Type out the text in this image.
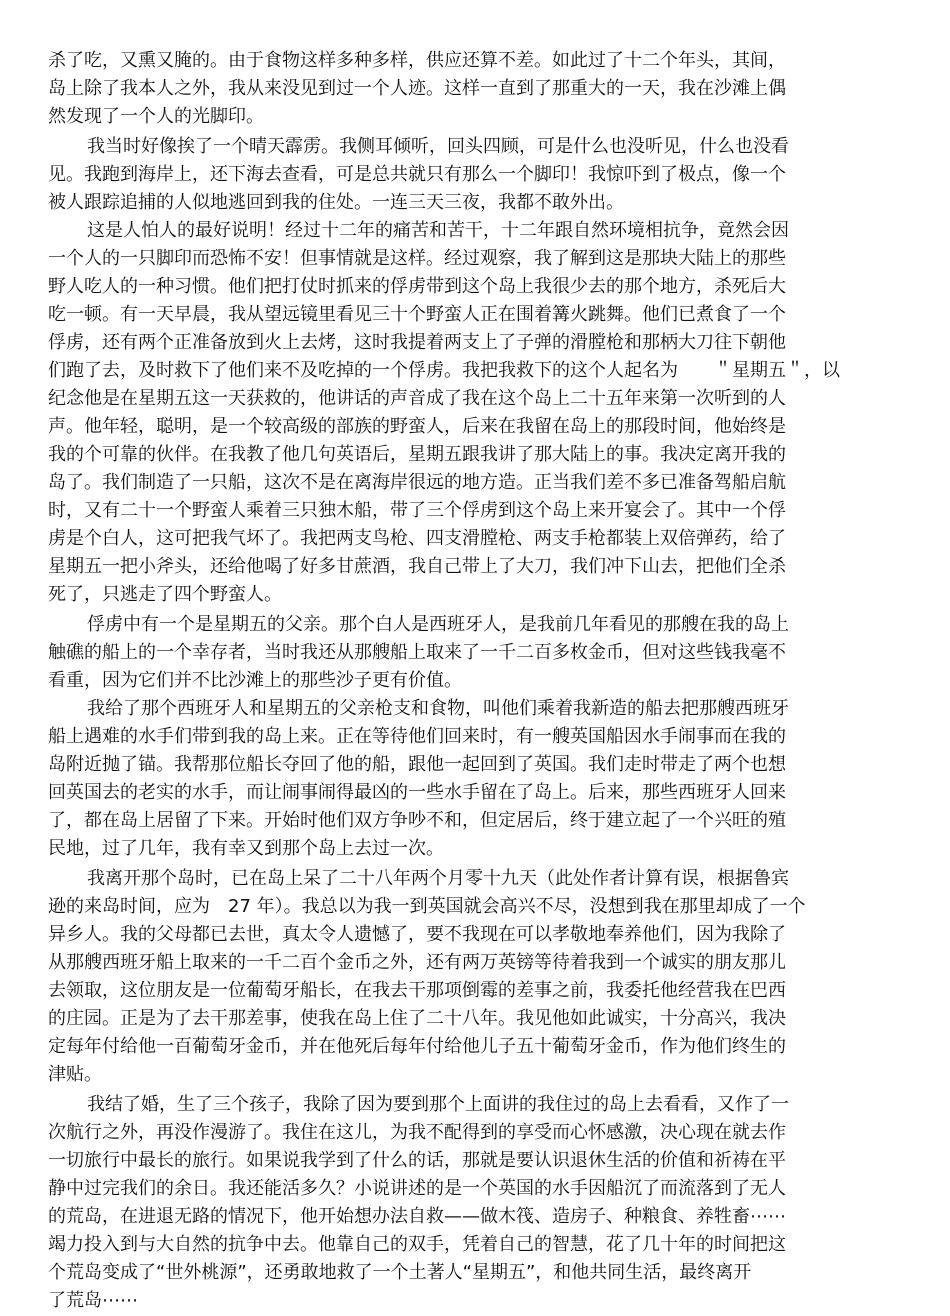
杀了吃，又熏又腌的。由于食物这样多种多样，供应还算不差。如此过了十二个年头，其间，
岛上除了我本人之外，我从来没见到过一个人迹。这样一直到了那重大的一天，我在沙滩上偶
然发现了一个人的光脚印。
我当时好像挨了一个晴天霹雳。我侧耳倾听，回头四顾，可是什么也没听见，什么也没看
见。我跑到海岸上，还下海去查看，可是总共就只有那么一个脚印！我惊吓到了极点，像一个
被人跟踪追捕的人似地逃回到我的住处。一连三天三夜，我都不敢外出。
这是人怕人的最好说明！经过十二年的痛苦和苦干，十二年跟自然环境相抗争，竟然会因
一个人的一只脚印而恐怖不安！但事情就是这样。经过观察，我了解到这是那块大陆上的那些
野人吃人的一种习惯。他们把打仗时抓来的俘虏带到这个岛上我很少去的那个地方，杀死后大
吃一顿。有一天早晨，我从望远镜里看见三十个野蛮人正在围着篝火跳舞。他们已煮食了一个
俘虏，还有两个正准备放到火上去烤，这时我提着两支上了子弹的滑膛枪和那柄大刀往下朝他
们跑了去，及时救下了他们来不及吃掉的一个俘虏。我把我救下的这个人起名为　　＂星期五＂，以
纪念他是在星期五这一天获救的，他讲话的声音成了我在这个岛上二十五年来第一次听到的人
声。他年轻，聪明，是一个较高级的部族的野蛮人，后来在我留在岛上的那段时间，他始终是
我的个可靠的伙伴。在我教了他几句英语后，星期五跟我讲了那大陆上的事。我决定离开我的
岛了。我们制造了一只船，这次不是在离海岸很远的地方造。正当我们差不多已准备驾船启航
时，又有二十一个野蛮人乘着三只独木船，带了三个俘虏到这个岛上来开宴会了。其中一个俘
虏是个白人，这可把我气坏了。我把两支鸟枪、四支滑膛枪、两支手枪都装上双倍弹药，给了
星期五一把小斧头，还给他喝了好多甘蔗酒，我自己带上了大刀，我们冲下山去，把他们全杀
死了，只逃走了四个野蛮人。
俘虏中有一个是星期五的父亲。那个白人是西班牙人，是我前几年看见的那艘在我的岛上
触礁的船上的一个幸存者，当时我还从那艘船上取来了一千二百多枚金币，但对这些钱我毫不
看重，因为它们并不比沙滩上的那些沙子更有价值。
我给了那个西班牙人和星期五的父亲枪支和食物，叫他们乘着我新造的船去把那艘西班牙
船上遇难的水手们带到我的岛上来。正在等待他们回来时，有一艘英国船因水手闹事而在我的
岛附近抛了锚。我帮那位船长夺回了他的船，跟他一起回到了英国。我们走时带走了两个也想
回英国去的老实的水手，而让闹事闹得最凶的一些水手留在了岛上。后来，那些西班牙人回来
了，都在岛上居留了下来。开始时他们双方争吵不和，但定居后，终于建立起了一个兴旺的殖
民地，过了几年，我有幸又到那个岛上去过一次。
我离开那个岛时，已在岛上呆了二十八年两个月零十九天（此处作者计算有误，根据鲁宾
逊的来岛时间，应为　27 年）。我总以为我一到英国就会高兴不尽，没想到我在那里却成了一个
异乡人。我的父母都已去世，真太令人遗憾了，要不我现在可以孝敬地奉养他们，因为我除了
从那艘西班牙船上取来的一千二百个金币之外，还有两万英镑等待着我到一个诚实的朋友那儿
去领取，这位朋友是一位葡萄牙船长，在我去干那项倒霉的差事之前，我委托他经营我在巴西
的庄园。正是为了去干那差事，使我在岛上住了二十八年。我见他如此诚实，十分高兴，我决
定每年付给他一百葡萄牙金币，并在他死后每年付给他儿子五十葡萄牙金币，作为他们终生的
津贴。
我结了婚，生了三个孩子，我除了因为要到那个上面讲的我住过的岛上去看看，又作了一
次航行之外，再没作漫游了。我住在这儿，为我不配得到的享受而心怀感激，决心现在就去作
一切旅行中最长的旅行。如果说我学到了什么的话，那就是要认识退休生活的价值和祈祷在平
静中过完我们的余日。我还能活多久？小说讲述的是一个英国的水手因船沉了而流落到了无人
的荒岛，在进退无路的情况下，他开始想办法自救——做木筏、造房子、种粮食、养牲畜⋯⋯
竭力投入到与大自然的抗争中去。他靠自己的双手，凭着自己的智慧，花了几十年的时间把这
个荒岛变成了“世外桃源”，还勇敢地救了一个土著人“星期五”，和他共同生活，最终离开
了荒岛⋯⋯
